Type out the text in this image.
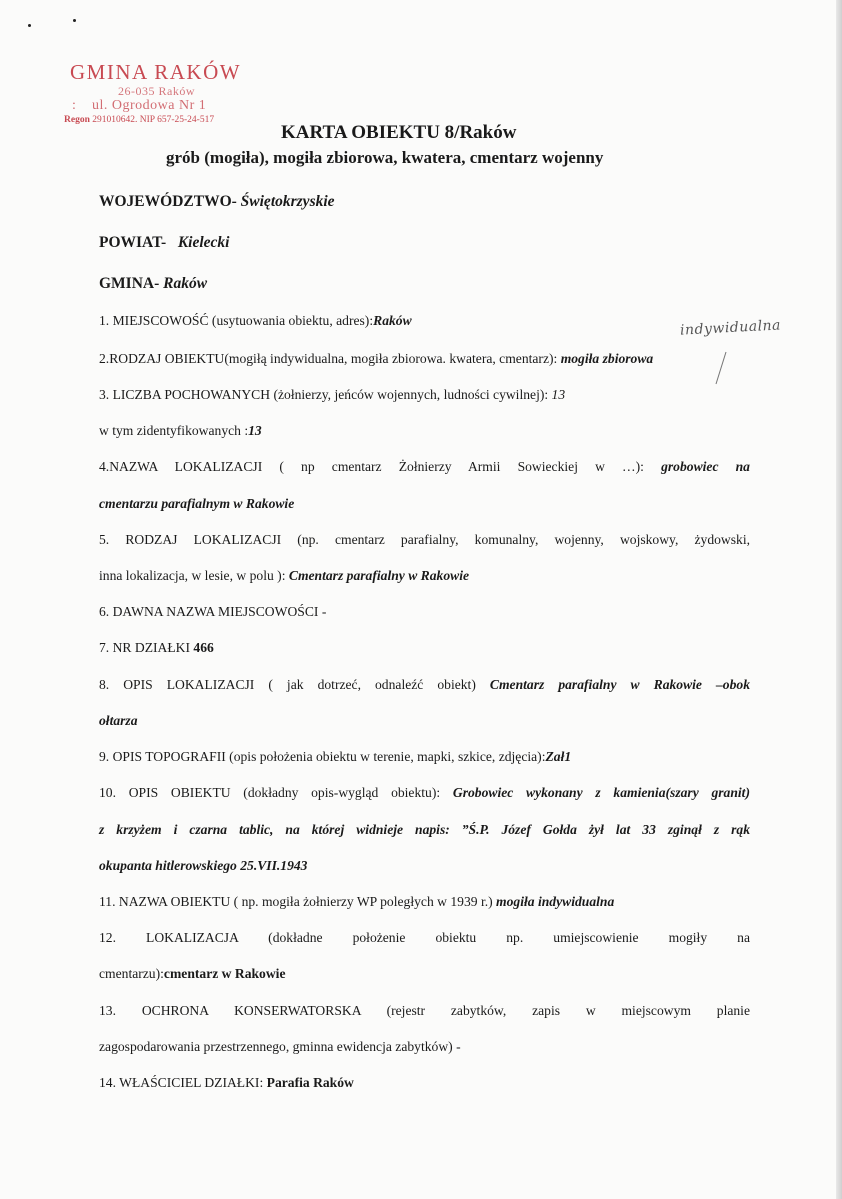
GMINA RAKÓW
26-035 Raków
: ul. Ogrodowa Nr 1
Regon 291010642. NIP 657-25-24-517
KARTA OBIEKTU 8/Raków
grób (mogiła), mogiła zbiorowa, kwatera, cmentarz wojenny
WOJEWÓDZTWO- Świętokrzyskie
POWIAT- Kielecki
GMINA- Raków
indywidualna
1. MIEJSCOWOŚĆ (usytuowania obiektu, adres):Raków
2.RODZAJ OBIEKTU(mogiłą indywidualna, mogiła zbiorowa. kwatera, cmentarz): mogiła zbiorowa
3. LICZBA POCHOWANYCH (żołnierzy, jeńców wojennych, ludności cywilnej): 13
w tym zidentyfikowanych :13
4.NAZWA LOKALIZACJI ( np cmentarz Żołnierzy Armii Sowieckiej w …): grobowiec na
cmentarzu parafialnym w Rakowie
5. RODZAJ LOKALIZACJI (np. cmentarz parafialny, komunalny, wojenny, wojskowy, żydowski,
inna lokalizacja, w lesie, w polu ): Cmentarz parafialny w Rakowie
6. DAWNA NAZWA MIEJSCOWOŚCI -
7. NR DZIAŁKI 466
8. OPIS LOKALIZACJI ( jak dotrzeć, odnaleźć obiekt) Cmentarz parafialny w Rakowie –obok
ołtarza
9. OPIS TOPOGRAFII (opis położenia obiektu w terenie, mapki, szkice, zdjęcia):Zał1
10. OPIS OBIEKTU (dokładny opis-wygląd obiektu): Grobowiec wykonany z kamienia(szary granit)
z krzyżem i czarna tablic, na której widnieje napis: ”Ś.P. Józef Gołda żył lat 33 zginął z rąk
okupanta hitlerowskiego 25.VII.1943
11. NAZWA OBIEKTU ( np. mogiła żołnierzy WP poległych w 1939 r.) mogiła indywidualna
12. LOKALIZACJA (dokładne położenie obiektu np. umiejscowienie mogiły na
cmentarzu):cmentarz w Rakowie
13. OCHRONA KONSERWATORSKA (rejestr zabytków, zapis w miejscowym planie
zagospodarowania przestrzennego, gminna ewidencja zabytków) -
14. WŁAŚCICIEL DZIAŁKI: Parafia Raków
